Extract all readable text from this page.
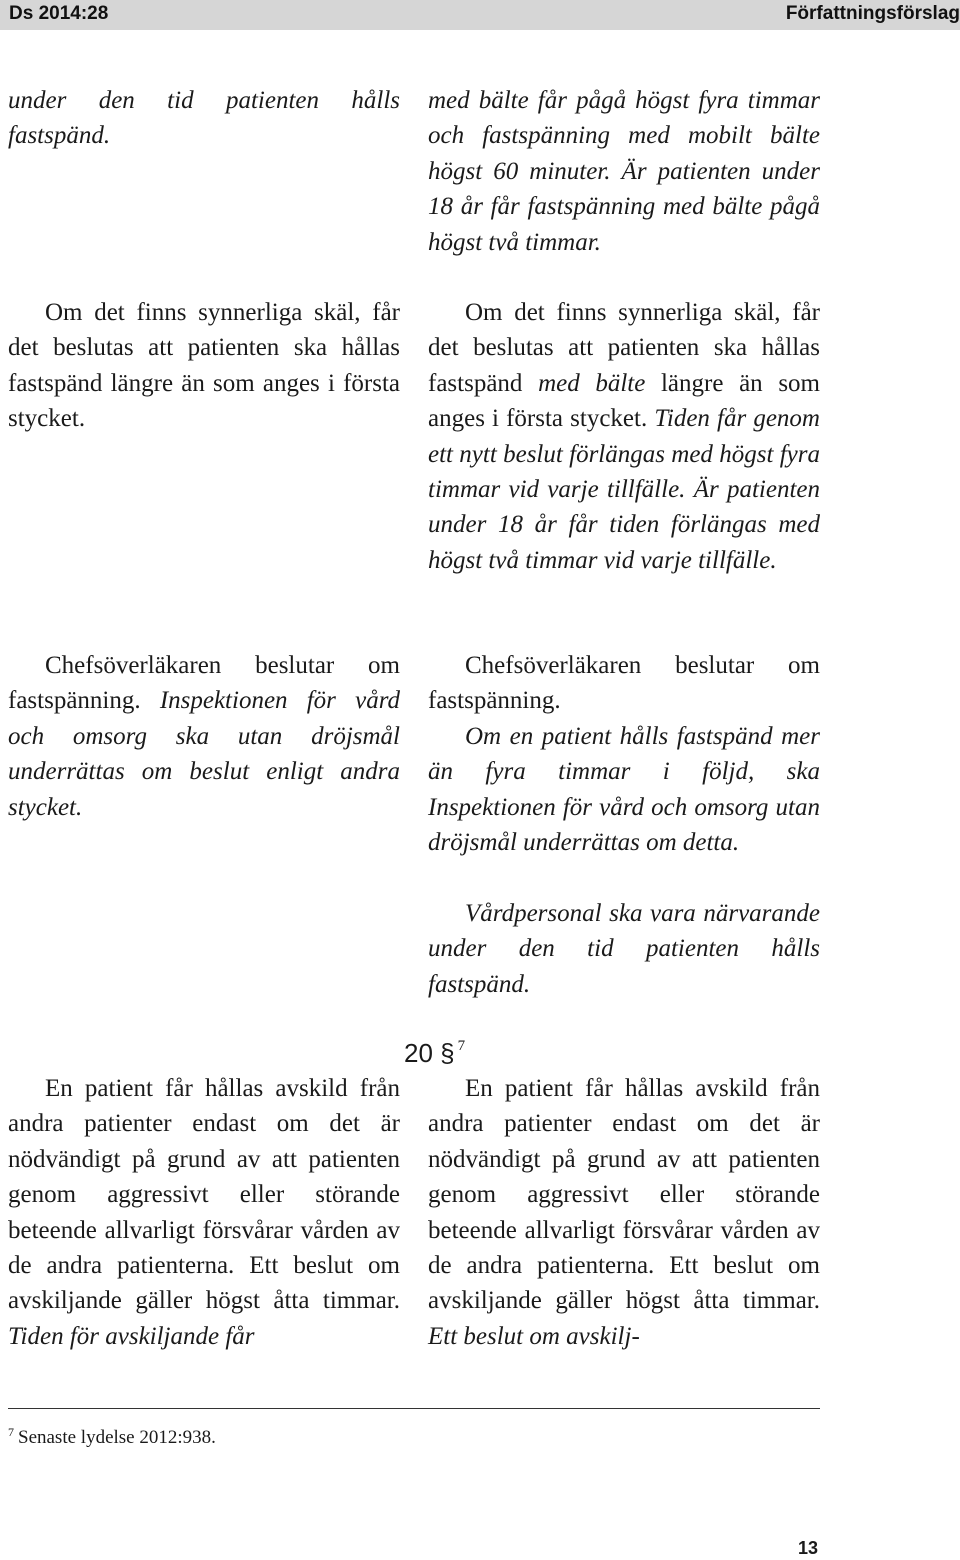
Ds 2014:28	Författningsförslag

under den tid patienten hålls fastspänd.

Om det finns synnerliga skäl, får det beslutas att patienten ska hållas fastspänd längre än som anges i första stycket.

Chefsöverläkaren beslutar om fastspänning. Inspektionen för vård och omsorg ska utan dröjsmål underrättas om beslut enligt andra stycket.

En patient får hållas avskild från andra patienter endast om det är nödvändigt på grund av att patienten genom aggressivt eller störande beteende allvarligt försvårar vården av de andra patienterna. Ett beslut om avskiljande gäller högst åtta timmar. Tiden för avskiljande får

med bälte får pågå högst fyra timmar och fastspänning med mobilt bälte högst 60 minuter. Är patienten under 18 år får fastspänning med bälte pågå högst två timmar.

Om det finns synnerliga skäl, får det beslutas att patienten ska hållas fastspänd med bälte längre än som anges i första stycket. Tiden får genom ett nytt beslut förlängas med högst fyra timmar vid varje tillfälle. Är patienten under 18 år får tiden förlängas med högst två timmar vid varje tillfälle.

Chefsöverläkaren beslutar om fastspänning.

Om en patient hålls fastspänd mer än fyra timmar i följd, ska Inspektionen för vård och omsorg utan dröjsmål underrättas om detta.

Vårdpersonal ska vara närvarande under den tid patienten hålls fastspänd.

20 § $^7$

En patient får hållas avskild från andra patienter endast om det är nödvändigt på grund av att patienten genom aggressivt eller störande beteende allvarligt försvårar vården av de andra patienterna. Ett beslut om avskiljande gäller högst åtta timmar. Ett beslut om avskilj-

$^7$ Senaste lydelse 2012:938.
13
